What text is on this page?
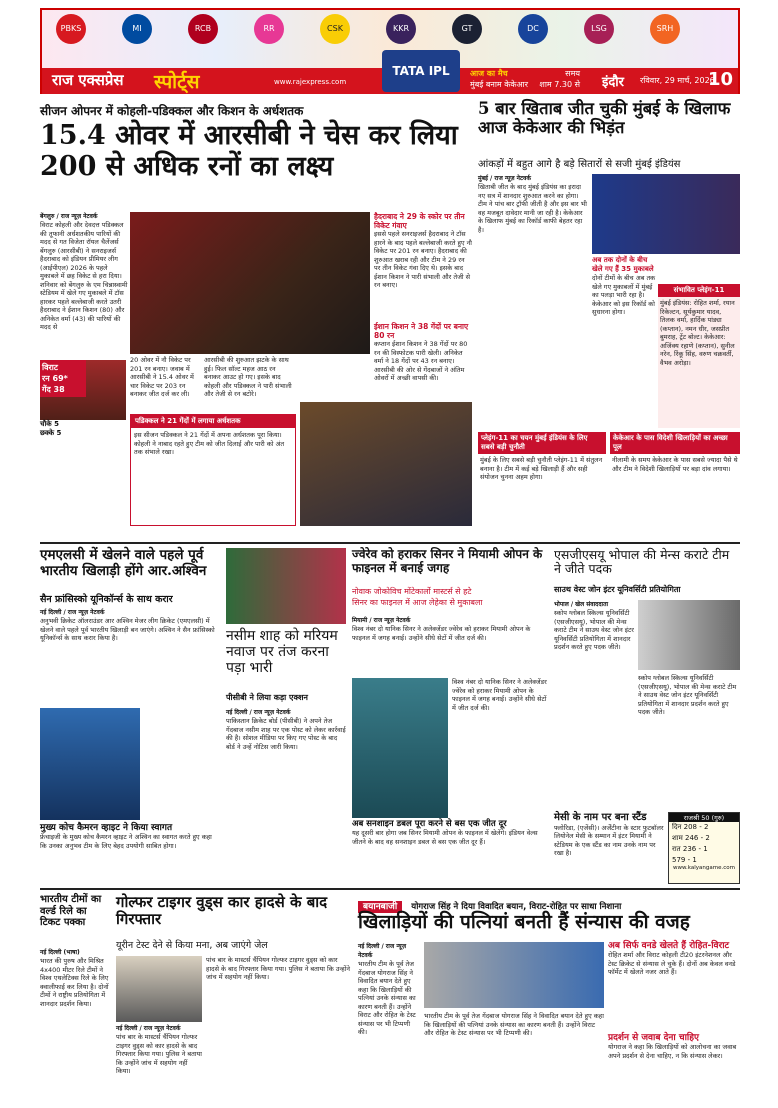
PBKS	MI	RCB	RR	CSK	KKR	GT	DC	LSG	SRH
राज एक्सप्रेस स्पोर्ट्स	www.rajexpress.com
TATA IPL	आज का मैच	समय
मुंबई बनाम केकेआर शाम 7.30 से इंदौर रविवार, 29 मार्च, 2026
10
सीजन ओपनर में कोहली-पडिक्कल और किशन के अर्धशतक
15.4 ओवर में आरसीबी ने चेस कर लिया 200 से अधिक रनों का लक्ष्य
बेंगलुरु / राज न्यूज़ नेटवर्क
विराट कोहली और देवदत्त पडिक्कल की तूफानी अर्धशतकीय पारियों की मदद से गत विजेता रॉयल चैलेंजर्स बेंगलुरु (आरसीबी) ने सनराइजर्स हैदराबाद को इंडियन प्रीमियर लीग (आईपीएल) 2026 के पहले मुकाबले में छह विकेट से हरा दिया। शनिवार को बेंगलुरु के एम चिन्नास्वामी स्टेडियम में खेले गए मुकाबले में टॉस हारकर पहले बल्लेबाजी करते उतरी हैदराबाद ने ईशान किशन (80) और अनिकेत वर्मा (43) की पारियों की मदद से
हैदराबाद ने 29 के स्कोर पर तीन विकेट गंवाए
इससे पहले सनराइजर्स हैदराबाद ने टॉस हारने के बाद पहले बल्लेबाजी करते हुए नौ विकेट पर 201 रन बनाए। हैदराबाद की शुरुआत खराब रही और टीम ने 29 रन पर तीन विकेट गंवा दिए थे। इसके बाद ईशान किशन ने पारी संभाली और तेजी से रन बनाए।
ईशान किशन ने 38 गेंदों पर बनाए 80 रन
कप्तान ईशान किशन ने 38 गेंदों पर 80 रन की विस्फोटक पारी खेली। अनिकेत वर्मा ने 18 गेंदों पर 43 रन बनाए। आरसीबी की ओर से गेंदबाजों ने अंतिम ओवरों में अच्छी वापसी की।
20 ओवर में नौ विकेट पर 201 रन बनाए। जवाब में आरसीबी ने 15.4 ओवर में चार विकेट पर 203 रन बनाकर जीत दर्ज कर ली।
आरसीबी की शुरुआत झटके के साथ हुई। फिल सॉल्ट महज आठ रन बनाकर आउट हो गए। इसके बाद कोहली और पडिक्कल ने पारी संभाली और तेजी से रन बटोरे।
विराट
रन 69*
गेंद 38
चौके 5
छक्के 5
पडिक्कल ने 21 गेंदों में लगाया अर्धशतक
इस सीजन पडिक्कल ने 21 गेंदों में अपना अर्धशतक पूरा किया। कोहली ने नाबाद रहते हुए टीम को जीत दिलाई और पारी को अंत तक संभाले रखा।
5 बार खिताब जीत चुकी मुंबई के खिलाफ आज केकेआर की भिड़ंत
आंकड़ों में बहुत आगे है बड़े सितारों से सजी मुंबई इंडियंस
मुंबई / राज न्यूज़ नेटवर्क
खिताबी जीत के बाद मुंबई इंडियंस का इरादा नए सत्र में शानदार शुरुआत करने का होगा। टीम ने पांच बार ट्रॉफी जीती है और इस बार भी वह मजबूत दावेदार मानी जा रही है। केकेआर के खिलाफ मुंबई का रिकॉर्ड काफी बेहतर रहा है।
अब तक दोनों के बीच खेले गए हैं 35 मुकाबले
दोनों टीमों के बीच अब तक खेले गए मुकाबलों में मुंबई का पलड़ा भारी रहा है। केकेआर को इस रिकॉर्ड को सुधारना होगा।
संभावित प्लेइंग-11
मुंबई इंडियंस: रोहित शर्मा, रयान रिकेल्टन, सूर्यकुमार यादव, तिलक वर्मा, हार्दिक पांड्या (कप्तान), नमन धीर, जसप्रीत बुमराह, ट्रेंट बोल्ट। केकेआर: अजिंक्य रहाणे (कप्तान), सुनील नरेन, रिंकू सिंह, वरुण चक्रवर्ती, वैभव अरोड़ा।
प्लेइंग-11 का चयन मुंबई इंडियंस के लिए सबसे बड़ी चुनौती
मुंबई के लिए सबसे बड़ी चुनौती प्लेइंग-11 में संतुलन बनाना है। टीम में कई बड़े खिलाड़ी हैं और सही संयोजन चुनना अहम होगा।
केकेआर के पास विदेशी खिलाड़ियों का अच्छा पूल
नीलामी के समय केकेआर के पास सबसे ज्यादा पैसे थे और टीम ने विदेशी खिलाड़ियों पर बड़ा दांव लगाया।
एमएलसी में खेलने वाले पहले पूर्व भारतीय खिलाड़ी होंगे आर.अश्विन
सैन फ्रांसिस्को यूनिकॉर्न्स के साथ करार
नई दिल्ली / राज न्यूज़ नेटवर्क
अनुभवी क्रिकेट ऑलराउंडर आर अश्विन मेजर लीग क्रिकेट (एमएलसी) में खेलने वाले पहले पूर्व भारतीय खिलाड़ी बन जाएंगे। अश्विन ने सैन फ्रांसिस्को यूनिकॉर्न्स के साथ करार किया है।
मुख्य कोच कैमरन व्हाइट ने किया स्वागत
फ्रेंचाइजी के मुख्य कोच कैमरन व्हाइट ने अश्विन का स्वागत करते हुए कहा कि उनका अनुभव टीम के लिए बेहद उपयोगी साबित होगा।
नसीम शाह को मरियम नवाज पर तंज करना पड़ा भारी
पीसीबी ने लिया कड़ा एक्शन
नई दिल्ली / राज न्यूज़ नेटवर्क
पाकिस्तान क्रिकेट बोर्ड (पीसीबी) ने अपने तेज गेंदबाज नसीम शाह पर एक पोस्ट को लेकर कार्रवाई की है। सोशल मीडिया पर किए गए पोस्ट के बाद बोर्ड ने उन्हें नोटिस जारी किया।
ज्वेरेव को हराकर सिनर ने मियामी ओपन के फाइनल में बनाई जगह
नोवाक जोकोविच मोंटेकार्लो मास्टर्स से हटे
सिनर का फाइनल में आज लेहेका से मुकाबला
मियामी / राज न्यूज़ नेटवर्क
विश्व नंबर दो यानिक सिनर ने अलेक्जेंडर ज्वेरेव को हराकर मियामी ओपन के फाइनल में जगह बनाई। उन्होंने सीधे सेटों में जीत दर्ज की।
विश्व नंबर दो यानिक सिनर ने अलेक्जेंडर ज्वेरेव को हराकर मियामी ओपन के फाइनल में जगह बनाई। उन्होंने सीधे सेटों में जीत दर्ज की।
अब सनशाइन डबल पूरा करने से बस एक जीत दूर
यह दूसरी बार होगा जब सिनर मियामी ओपन के फाइनल में खेलेंगे। इंडियन वेल्स जीतने के बाद वह सनशाइन डबल से बस एक जीत दूर हैं।
एसजीएसयू भोपाल की मेन्स कराटे टीम ने जीते पदक
साउथ वेस्ट जोन इंटर यूनिवर्सिटी प्रतियोगिता
भोपाल / खेल संवाददाता
स्कोप ग्लोबल स्किल्स यूनिवर्सिटी (एसजीएसयू), भोपाल की मेन्स कराटे टीम ने साउथ वेस्ट जोन इंटर यूनिवर्सिटी प्रतियोगिता में शानदार प्रदर्शन करते हुए पदक जीते।
स्कोप ग्लोबल स्किल्स यूनिवर्सिटी (एसजीएसयू), भोपाल की मेन्स कराटे टीम ने साउथ वेस्ट जोन इंटर यूनिवर्सिटी प्रतियोगिता में शानदार प्रदर्शन करते हुए पदक जीते।
मेसी के नाम पर बना स्टैंड
फ्लोरिडा, (एजेंसी)। अर्जेंटीना के स्टार फुटबॉलर लियोनेल मेसी के सम्मान में इंटर मियामी ने स्टेडियम के एक स्टैंड का नाम उनके नाम पर रखा है।
राजश्री 50 (गुरु)
दिन 208 - 2
शाम 246 - 2
रात 236 - 1
579 - 1
www.kalyangame.com
भारतीय टीमों का वर्ल्ड रिले का टिकट पक्का
नई दिल्ली (भाषा)
भारत की पुरुष और मिश्रित 4x400 मीटर रिले टीमों ने विश्व एथलेटिक्स रिले के लिए क्वालीफाई कर लिया है। दोनों टीमों ने राष्ट्रीय प्रतियोगिता में शानदार प्रदर्शन किया।
गोल्फर टाइगर वुड्स कार हादसे के बाद गिरफ्तार
यूरीन टेस्ट देने से किया मना, अब जाएंगे जेल
नई दिल्ली / राज न्यूज़ नेटवर्क
पांच बार के मास्टर्स चैंपियन गोल्फर टाइगर वुड्स को कार हादसे के बाद गिरफ्तार किया गया। पुलिस ने बताया कि उन्होंने जांच में सहयोग नहीं किया।
पांच बार के मास्टर्स चैंपियन गोल्फर टाइगर वुड्स को कार हादसे के बाद गिरफ्तार किया गया। पुलिस ने बताया कि उन्होंने जांच में सहयोग नहीं किया।
बयानबाजी योगराज सिंह ने दिया विवादित बयान, विराट-रोहित पर साधा निशाना
खिलाड़ियों की पत्नियां बनती हैं संन्यास की वजह
नई दिल्ली / राज न्यूज़ नेटवर्क
भारतीय टीम के पूर्व तेज गेंदबाज योगराज सिंह ने विवादित बयान देते हुए कहा कि खिलाड़ियों की पत्नियां उनके संन्यास का कारण बनती हैं। उन्होंने विराट और रोहित के टेस्ट संन्यास पर भी टिप्पणी की।
भारतीय टीम के पूर्व तेज गेंदबाज योगराज सिंह ने विवादित बयान देते हुए कहा कि खिलाड़ियों की पत्नियां उनके संन्यास का कारण बनती हैं। उन्होंने विराट और रोहित के टेस्ट संन्यास पर भी टिप्पणी की।
अब सिर्फ वनडे खेलते हैं रोहित-विराट
रोहित शर्मा और विराट कोहली टी20 इंटरनेशनल और टेस्ट क्रिकेट से संन्यास ले चुके हैं। दोनों अब केवल वनडे फॉर्मेट में खेलते नजर आते हैं।
प्रदर्शन से जवाब देना चाहिए
योगराज ने कहा कि खिलाड़ियों को आलोचना का जवाब अपने प्रदर्शन से देना चाहिए, न कि संन्यास लेकर।
